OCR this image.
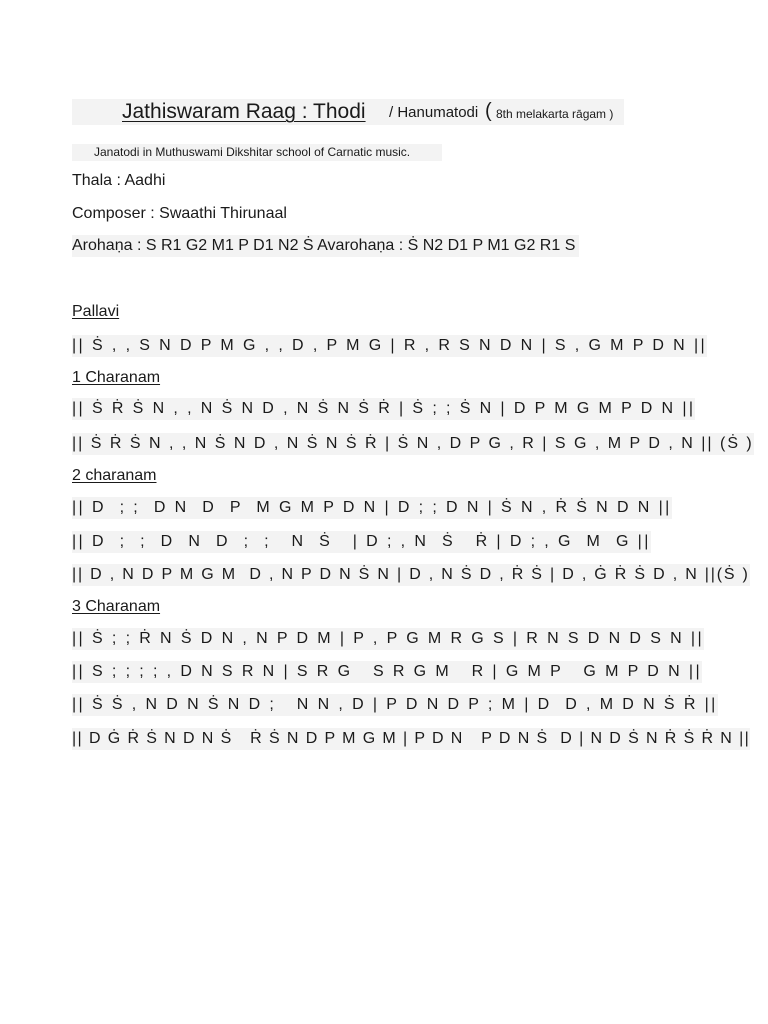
Jathiswaram Raag : Thodi / Hanumatodi ( 8th melakarta rāgam )
Janatodi in Muthuswami Dikshitar school of Carnatic music.
Thala : Aadhi
Composer : Swaathi Thirunaal
Arohaṇa : S R1 G2 M1 P D1 N2 Ṡ Avarohaṇa : Ṡ N2 D1 P M1 G2 R1 S
Pallavi
|| Ṡ , , S N D P M G , , D , P M G | R , R S N D N | S , G M P D N ||
1 Charanam
|| Ṡ Ṙ Ṡ N , , N Ṡ N D , N Ṡ N Ṡ Ṙ | Ṡ ; ; Ṡ N | D P M G M P D N ||
|| Ṡ Ṙ Ṡ N , , N Ṡ N D , N Ṡ N Ṡ Ṙ | Ṡ N , D P G , R | S G , M P D , N || (Ṡ )
2 charanam
|| D  ; ;  D N  D  P  M G M P D N | D ; ; D N | Ṡ N , Ṙ Ṡ N D N ||
|| D  ;  ;  D  N  D  ;  ;   N  Ṡ   | D ; , N  Ṡ   Ṙ | D ; , G  M  G ||
|| D , N D P M G M  D , N P D N Ṡ N | D , N Ṡ D , Ṙ Ṡ | D , Ġ Ṙ Ṡ D , N ||(Ṡ )
3 Charanam
|| Ṡ ; ; Ṙ N Ṡ D N , N P D M | P , P G M R G S | R N S D N D S N ||
|| S ; ; ; ; , D N S R N | S R G   S R G M   R | G M P   G M P D N ||
|| Ṡ Ṡ , N D N Ṡ N D ;   N N , D | P D N D P ; M | D  D , M D N Ṡ Ṙ ||
|| D Ġ Ṙ Ṡ N D N Ṡ   Ṙ Ṡ N D P M G M | P D N   P D N Ṡ  D | N D Ṡ N Ṙ Ṡ Ṙ N ||
